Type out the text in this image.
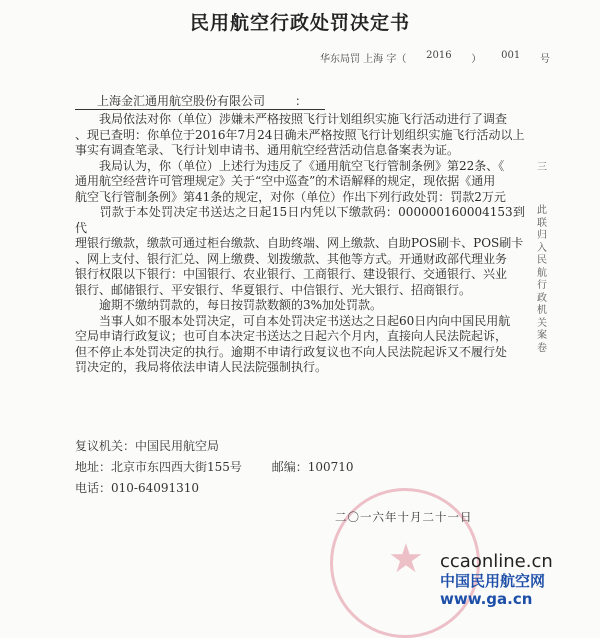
民用航空行政处罚决定书
华东局罚 上海 字（ 2016 ） 001 号
★
上海金汇通用航空股份有限公司	：
　　我局依法对你（单位）涉嫌未严格按照飞行计划组织实施飞行活动进行了调查
、现已查明：你单位于2016年7月24日确未严格按照飞行计划组织实施飞行活动以上
事实有调查笔录、飞行计划申请书、通用航空经营活动信息备案表为证。
　　我局认为，你（单位）上述行为违反了《通用航空飞行管制条例》第22条、《
通用航空经营许可管理规定》关于“空中巡查”的术语解释的规定，现依据《通用
航空飞行管制条例》第41条的规定，对你（单位）作出下列行政处罚：罚款2万元
　　罚款于本处罚决定书送达之日起15日内凭以下缴款码：000000160004153到代
理银行缴款，缴款可通过柜台缴款、自助终端、网上缴款、自助POS刷卡、POS刷卡
、网上支付、银行汇兑、网上缴费、划拨缴款、其他等方式。开通财政部代理业务
银行权限以下银行：中国银行、农业银行、工商银行、建设银行、交通银行、兴业
银行、邮储银行、平安银行、华夏银行、中信银行、光大银行、招商银行。
　　逾期不缴纳罚款的，每日按罚款数额的3%加处罚款。
　　当事人如不服本处罚决定，可自本处罚决定书送达之日起60日内向中国民用航
空局申请行政复议；也可自本决定书送达之日起六个月内，直接向人民法院起诉，
但不停止本处罚决定的执行。逾期不申请行政复议也不向人民法院起诉又不履行处
罚决定的，我局将依法申请人民法院强制执行。
复议机关：中国民用航空局
地址：北京市东四西大街155号 邮编：100710
电话：010-64091310
二〇一六年十月二十一日
三
此联归入民航行政机关案卷
ccaonline.cn
中国民用航空网
www.ga.cn
